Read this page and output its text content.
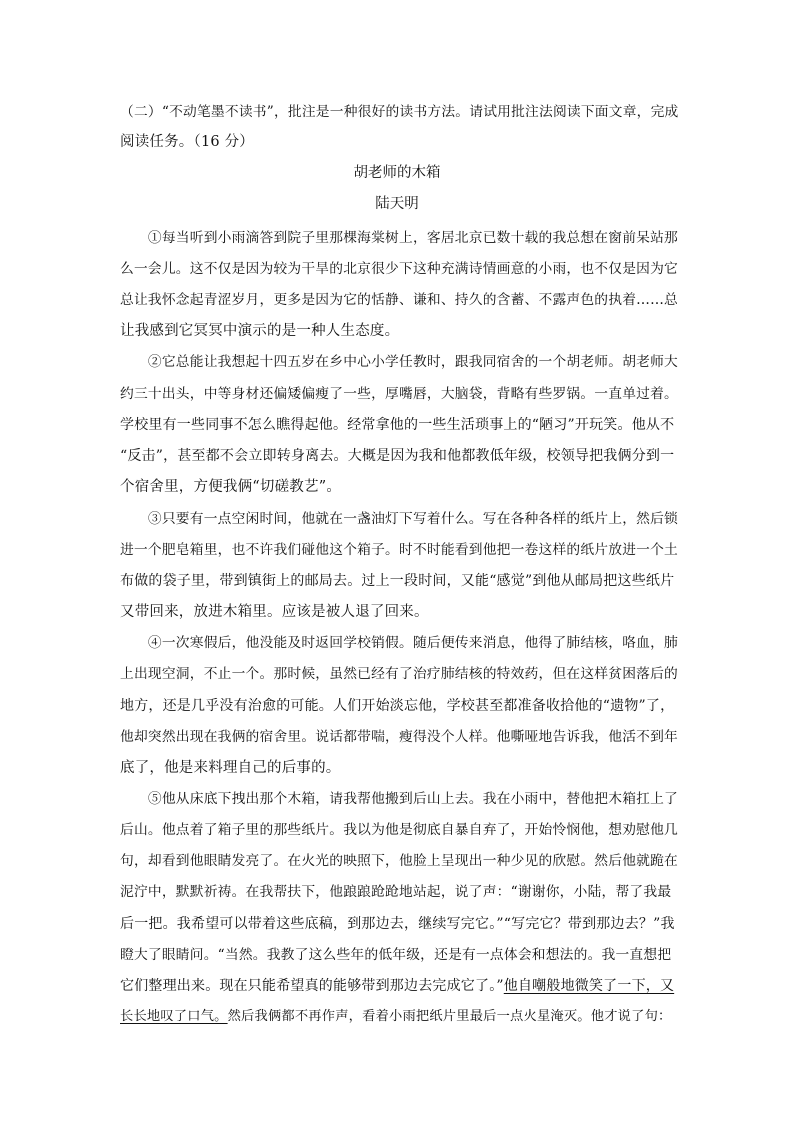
（二）“不动笔墨不读书”，批注是一种很好的读书方法。请试用批注法阅读下面文章，完成
阅读任务。（16 分）
胡老师的木箱
陆天明
　　①每当听到小雨滴答到院子里那棵海棠树上，客居北京已数十载的我总想在窗前呆站那
么一会儿。这不仅是因为较为干旱的北京很少下这种充满诗情画意的小雨，也不仅是因为它
总让我怀念起青涩岁月，更多是因为它的恬静、谦和、持久的含蓄、不露声色的执着……总
让我感到它冥冥中演示的是一种人生态度。
　　②它总能让我想起十四五岁在乡中心小学任教时，跟我同宿舍的一个胡老师。胡老师大
约三十出头，中等身材还偏矮偏瘦了一些，厚嘴唇，大脑袋，背略有些罗锅。一直单过着。
学校里有一些同事不怎么瞧得起他。经常拿他的一些生活琐事上的“陋习”开玩笑。他从不
“反击”，甚至都不会立即转身离去。大概是因为我和他都教低年级，校领导把我俩分到一
个宿舍里，方便我俩“切磋教艺”。
　　③只要有一点空闲时间，他就在一盏油灯下写着什么。写在各种各样的纸片上，然后锁
进一个肥皂箱里，也不许我们碰他这个箱子。时不时能看到他把一卷这样的纸片放进一个土
布做的袋子里，带到镇街上的邮局去。过上一段时间，又能“感觉”到他从邮局把这些纸片
又带回来，放进木箱里。应该是被人退了回来。
　　④一次寒假后，他没能及时返回学校销假。随后便传来消息，他得了肺结核，咯血，肺
上出现空洞，不止一个。那时候，虽然已经有了治疗肺结核的特效药，但在这样贫困落后的
地方，还是几乎没有治愈的可能。人们开始淡忘他，学校甚至都准备收拾他的“遗物”了，
他却突然出现在我俩的宿舍里。说话都带喘，瘦得没个人样。他嘶哑地告诉我，他活不到年
底了，他是来料理自己的后事的。
　　⑤他从床底下拽出那个木箱，请我帮他搬到后山上去。我在小雨中，替他把木箱扛上了
后山。他点着了箱子里的那些纸片。我以为他是彻底自暴自弃了，开始怜悯他，想劝慰他几
句，却看到他眼睛发亮了。在火光的映照下，他脸上呈现出一种少见的欣慰。然后他就跪在
泥泞中，默默祈祷。在我帮扶下，他踉踉跄跄地站起，说了声：“谢谢你，小陆，帮了我最
后一把。我希望可以带着这些底稿，到那边去，继续写完它。”“写完它？带到那边去？”我
瞪大了眼睛问。“当然。我教了这么些年的低年级，还是有一点体会和想法的。我一直想把
它们整理出来。现在只能希望真的能够带到那边去完成它了。”他自嘲般地微笑了一下，又
长长地叹了口气。然后我俩都不再作声，看着小雨把纸片里最后一点火星淹灭。他才说了句：
